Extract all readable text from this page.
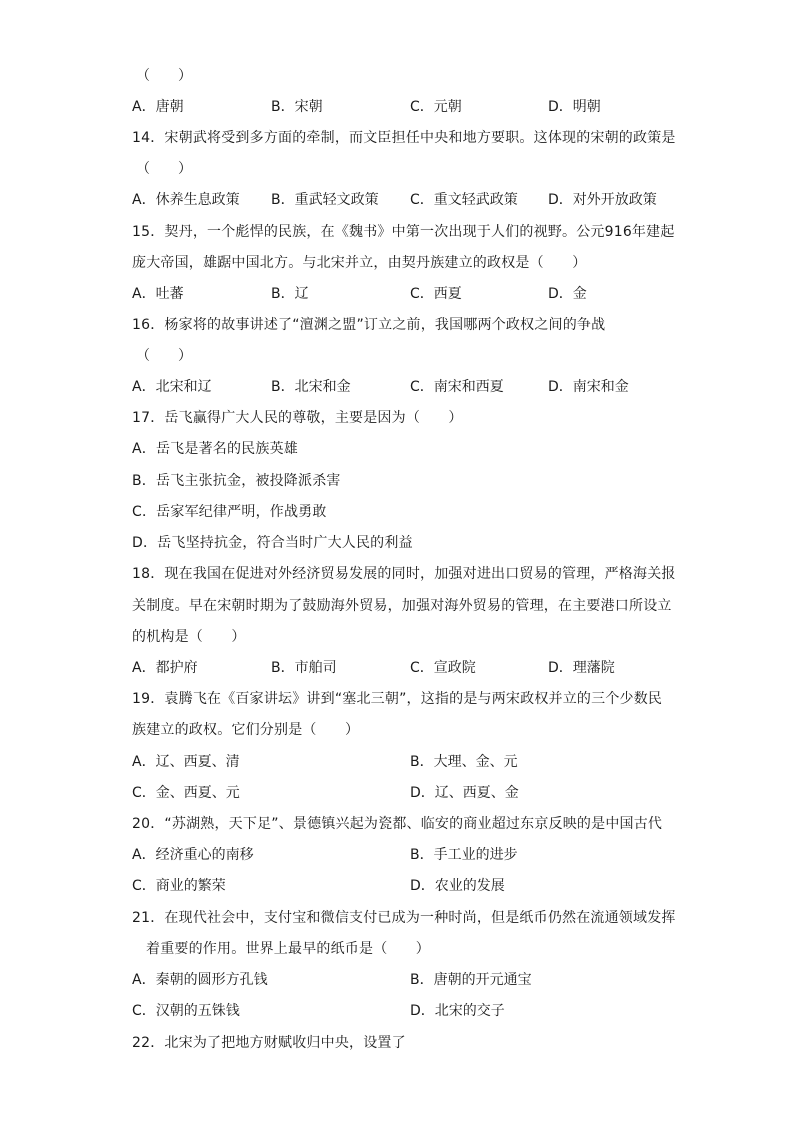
（　　）
A．唐朝	B．宋朝	C．元朝	D．明朝
14．宋朝武将受到多方面的牵制，而文臣担任中央和地方要职。这体现的宋朝的政策是
（　　）
A．休养生息政策 B．重武轻文政策 C．重文轻武政策 D．对外开放政策
15．契丹，一个彪悍的民族，在《魏书》中第一次出现于人们的视野。公元916年建起
庞大帝国，雄踞中国北方。与北宋并立，由契丹族建立的政权是（　　）
A．吐蕃	B．辽	C．西夏	D．金
16．杨家将的故事讲述了“澶渊之盟”订立之前，我国哪两个政权之间的争战
（　　）
A．北宋和辽	B．北宋和金	C．南宋和西夏	D．南宋和金
17．岳飞赢得广大人民的尊敬，主要是因为（　　）
A．岳飞是著名的民族英雄
B．岳飞主张抗金，被投降派杀害
C．岳家军纪律严明，作战勇敢
D．岳飞坚持抗金，符合当时广大人民的利益
18．现在我国在促进对外经济贸易发展的同时，加强对进出口贸易的管理，严格海关报
关制度。早在宋朝时期为了鼓励海外贸易，加强对海外贸易的管理，在主要港口所设立
的机构是（　　）
A．都护府	B．市舶司	C．宣政院	D．理藩院
19．袁腾飞在《百家讲坛》讲到“塞北三朝”，这指的是与两宋政权并立的三个少数民
族建立的政权。它们分别是（　　）
A．辽、西夏、清	B．大理、金、元
C．金、西夏、元	D．辽、西夏、金
20．“苏湖熟，天下足”、景德镇兴起为瓷都、临安的商业超过东京反映的是中国古代
A．经济重心的南移	B．手工业的进步
C．商业的繁荣	D．农业的发展
21．在现代社会中，支付宝和微信支付已成为一种时尚，但是纸币仍然在流通领域发挥
着重要的作用。世界上最早的纸币是（　　）
A．秦朝的圆形方孔钱	B．唐朝的开元通宝
C．汉朝的五铢钱	D．北宋的交子
22．北宋为了把地方财赋收归中央，设置了
